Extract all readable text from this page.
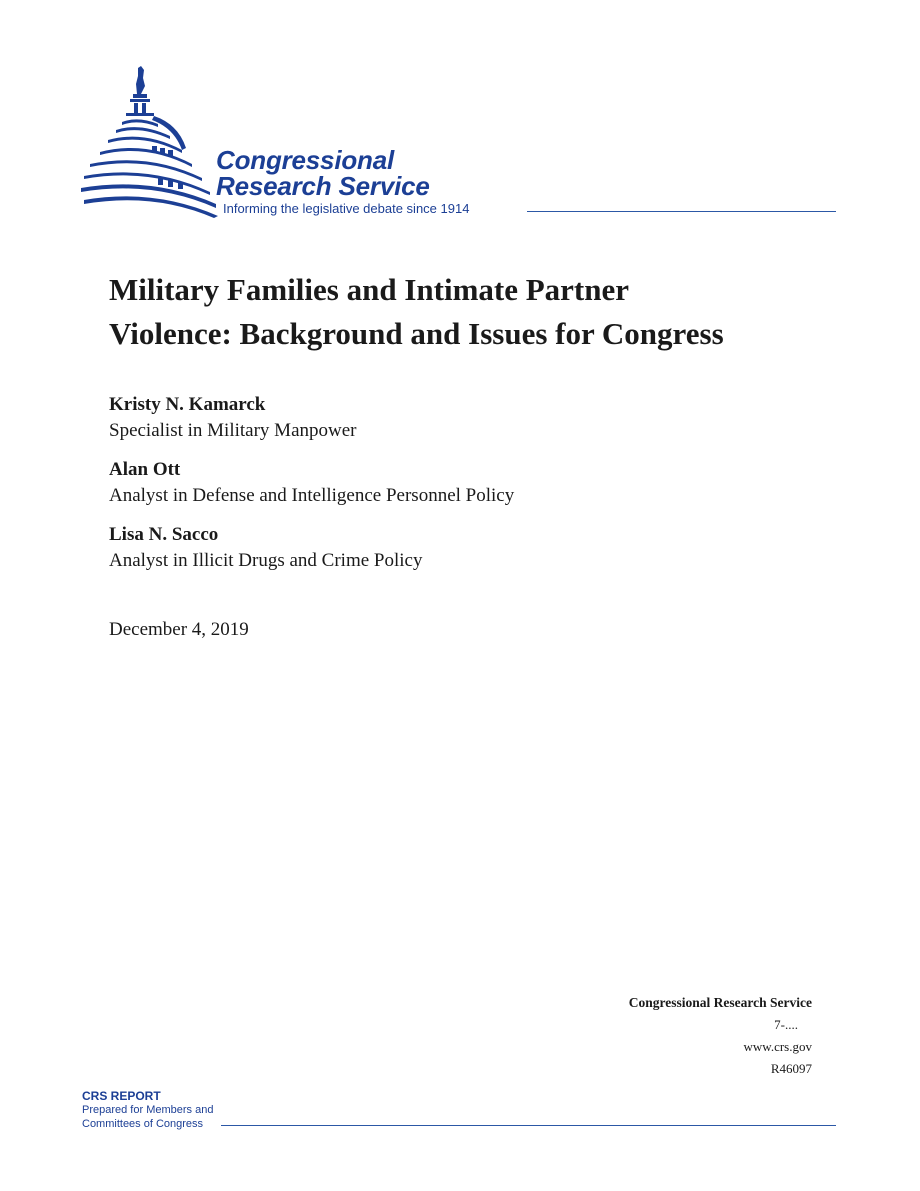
Congressional
Research Service
Informing the legislative debate since 1914
Military Families and Intimate Partner
Violence: Background and Issues for Congress
Kristy N. Kamarck
Specialist in Military Manpower
Alan Ott
Analyst in Defense and Intelligence Personnel Policy
Lisa N. Sacco
Analyst in Illicit Drugs and Crime Policy
December 4, 2019
Congressional Research Service
7-....
www.crs.gov
R46097
CRS REPORT
Prepared for Members and
Committees of Congress
